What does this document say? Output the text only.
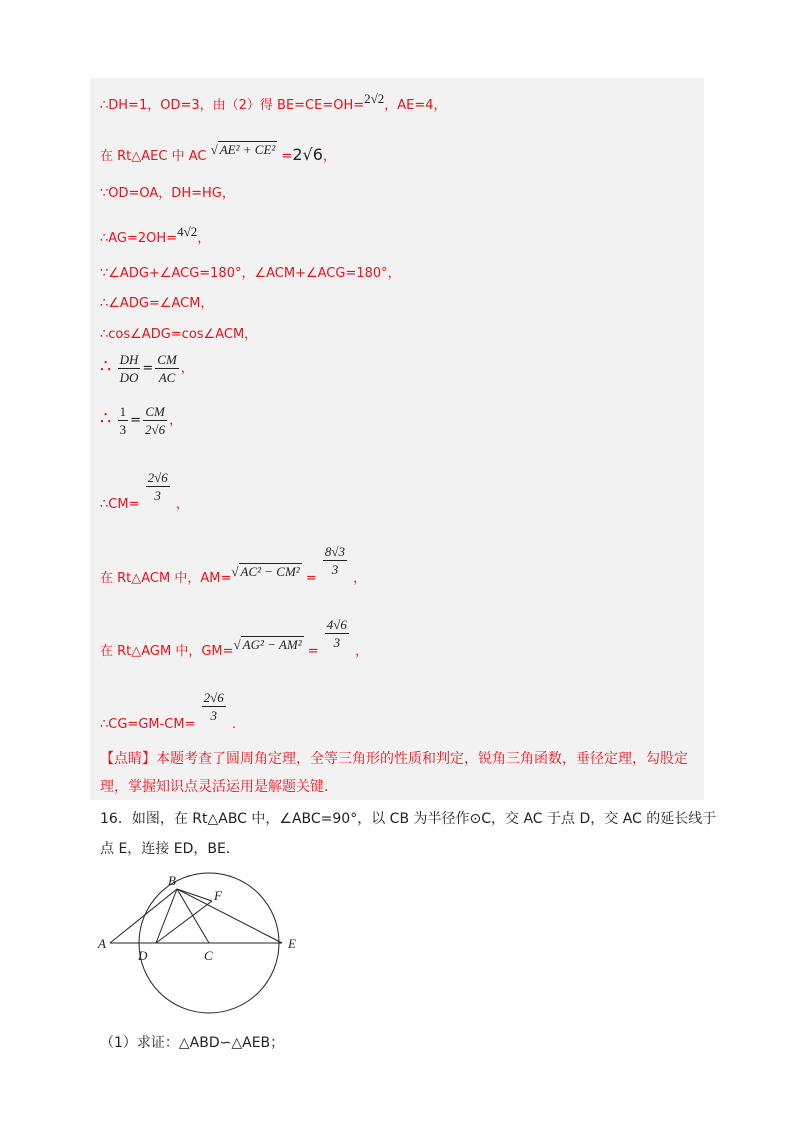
∴DH=1，OD=3，由（2）得 BE=CE=OH=2√2，AE=4，
在 Rt△AEC 中 AC √ AE² + CE² =2√6，
∵OD=OA，DH=HG，
∴AG=2OH=4√2，
∵∠ADG+∠ACG=180°，∠ACM+∠ACG=180°，
∴∠ADG=∠ACM，
∴cos∠ADG=cos∠ACM，
∴ $\frac{DH}{DO} = \frac{CM}{AC}$ ，
∴ $\frac{1}{3} = \frac{CM}{2√6}$ ，
∴CM=
$\frac{2√6}{3}$
，
在 Rt△ACM 中，AM=√ AC² − CM² =
$\frac{8√3}{3}$
，
在 Rt△AGM 中，GM=√ AG² − AM² =
$\frac{4√6}{3}$
，
∴CG=GM-CM=
$\frac{2√6}{3}$
.
【点睛】本题考查了圆周角定理，全等三角形的性质和判定，锐角三角函数，垂径定理，勾股定理，掌握知识点灵活运用是解题关键.
16．如图，在 Rt△ABC 中，∠ABC=90°，以 CB 为半径作⊙C，交 AC 于点 D，交 AC 的延长线于点 E，连接 ED，BE．
A
B
C
D
E
F
（1）求证：△ABD∽△AEB；
